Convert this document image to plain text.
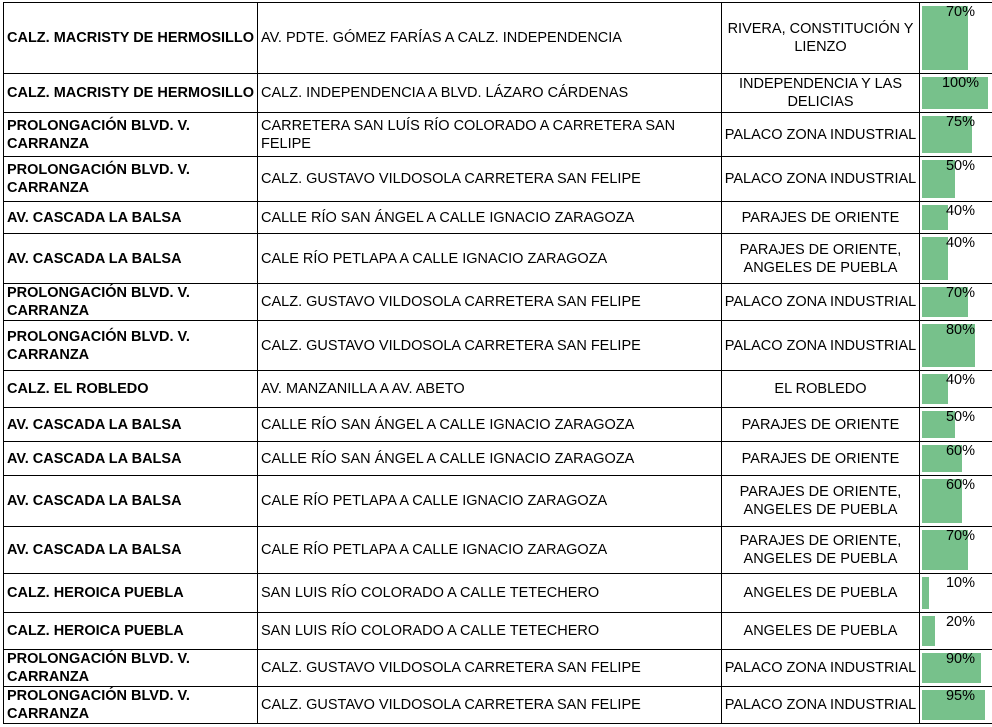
CALZ. MACRISTY DE HERMOSILLO	AV. PDTE. GÓMEZ FARÍAS A CALZ. INDEPENDENCIA	RIVERA, CONSTITUCIÓN Y LIENZO	70%

CALZ. MACRISTY DE HERMOSILLO	CALZ. INDEPENDENCIA A BLVD. LÁZARO CÁRDENAS	INDEPENDENCIA Y LAS DELICIAS	100%

PROLONGACIÓN BLVD. V. CARRANZA	CARRETERA SAN LUÍS RÍO COLORADO A CARRETERA SAN FELIPE	PALACO ZONA INDUSTRIAL	75%

PROLONGACIÓN BLVD. V. CARRANZA	CALZ. GUSTAVO VILDOSOLA CARRETERA SAN FELIPE	PALACO ZONA INDUSTRIAL	50%

AV. CASCADA LA BALSA	CALLE RÍO SAN ÁNGEL A CALLE IGNACIO ZARAGOZA	PARAJES DE ORIENTE	40%

AV. CASCADA LA BALSA	CALE RÍO PETLAPA A CALLE IGNACIO ZARAGOZA	PARAJES DE ORIENTE, ANGELES DE PUEBLA	40%

PROLONGACIÓN BLVD. V. CARRANZA	CALZ. GUSTAVO VILDOSOLA CARRETERA SAN FELIPE	PALACO ZONA INDUSTRIAL	70%

PROLONGACIÓN BLVD. V. CARRANZA	CALZ. GUSTAVO VILDOSOLA CARRETERA SAN FELIPE	PALACO ZONA INDUSTRIAL	80%

CALZ. EL ROBLEDO	AV. MANZANILLA A AV. ABETO	EL ROBLEDO	40%

AV. CASCADA LA BALSA	CALLE RÍO SAN ÁNGEL A CALLE IGNACIO ZARAGOZA	PARAJES DE ORIENTE	50%

AV. CASCADA LA BALSA	CALLE RÍO SAN ÁNGEL A CALLE IGNACIO ZARAGOZA	PARAJES DE ORIENTE	60%

AV. CASCADA LA BALSA	CALE RÍO PETLAPA A CALLE IGNACIO ZARAGOZA	PARAJES DE ORIENTE, ANGELES DE PUEBLA	60%

AV. CASCADA LA BALSA	CALE RÍO PETLAPA A CALLE IGNACIO ZARAGOZA	PARAJES DE ORIENTE, ANGELES DE PUEBLA	70%

CALZ. HEROICA PUEBLA	SAN LUIS RÍO COLORADO A CALLE TETECHERO	ANGELES DE PUEBLA	10%

CALZ. HEROICA PUEBLA	SAN LUIS RÍO COLORADO A CALLE TETECHERO	ANGELES DE PUEBLA	20%

PROLONGACIÓN BLVD. V. CARRANZA	CALZ. GUSTAVO VILDOSOLA CARRETERA SAN FELIPE	PALACO ZONA INDUSTRIAL	90%

PROLONGACIÓN BLVD. V. CARRANZA	CALZ. GUSTAVO VILDOSOLA CARRETERA SAN FELIPE	PALACO ZONA INDUSTRIAL	95%
